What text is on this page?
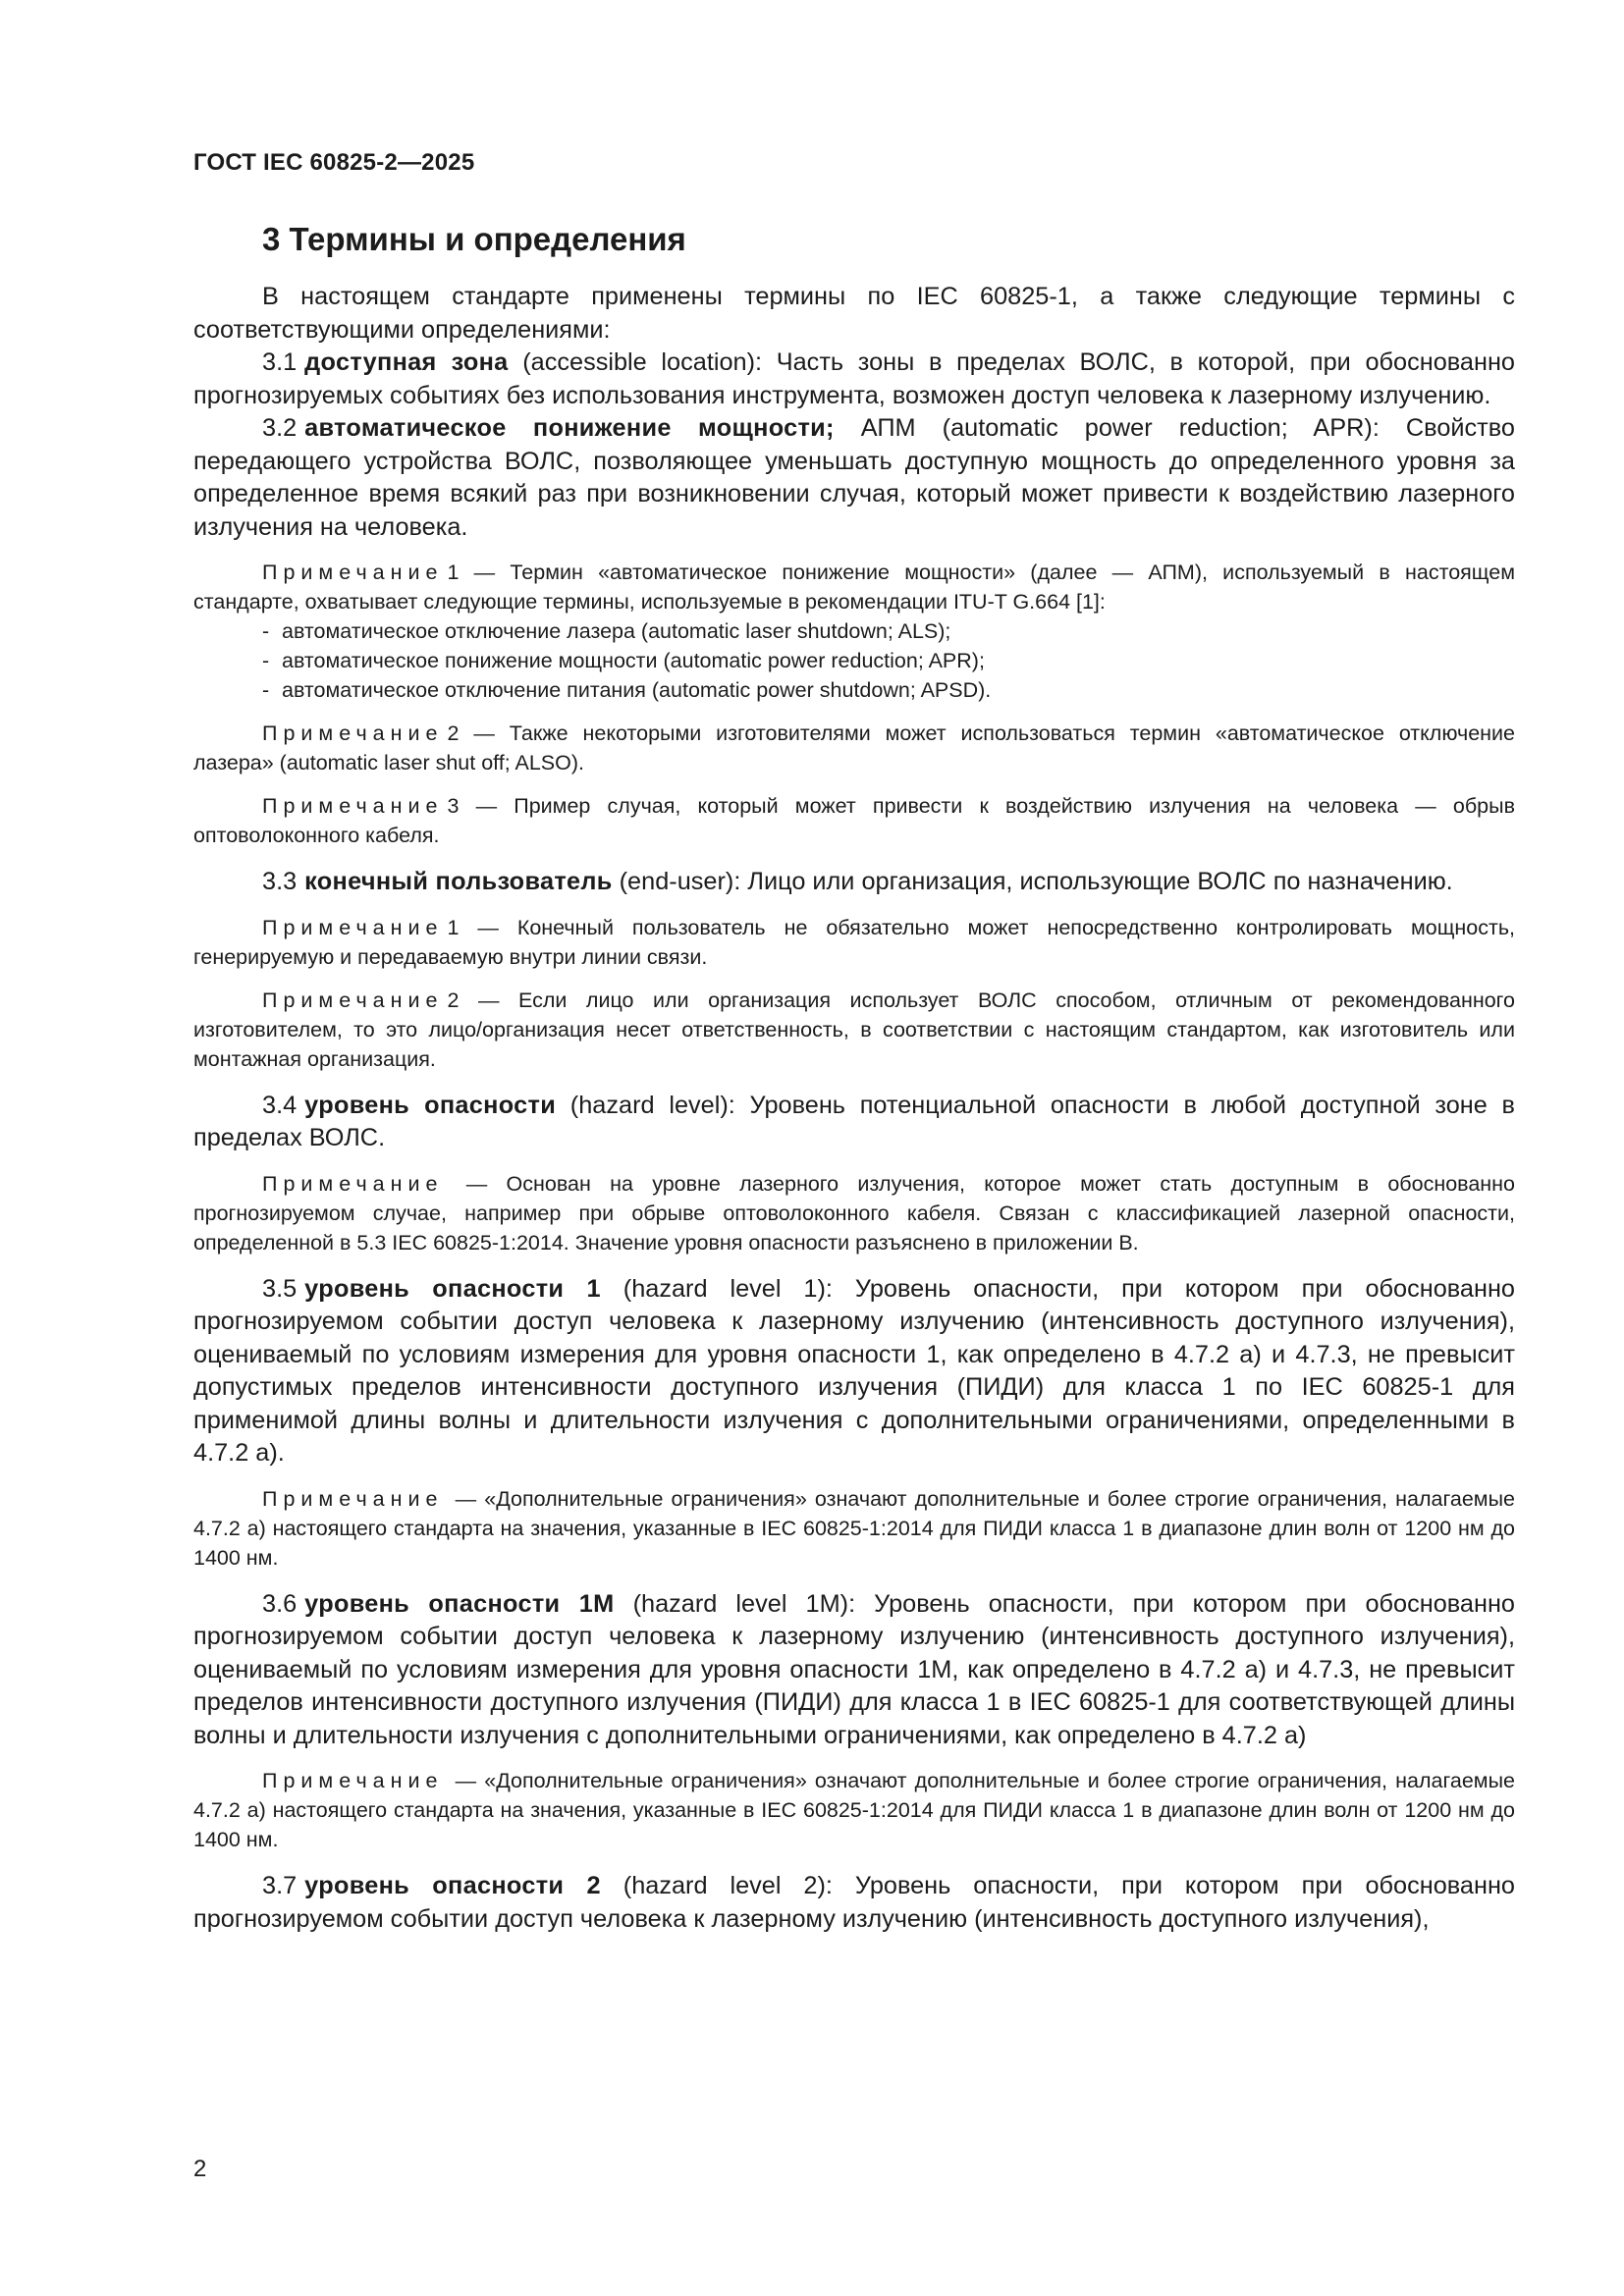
ГОСТ IEC 60825-2—2025
3 Термины и определения

В настоящем стандарте применены термины по IEC 60825-1, а также следующие термины с соответствующими определениями:

3.1 доступная зона (accessible location): Часть зоны в пределах ВОЛС, в которой, при обоснованно прогнозируемых событиях без использования инструмента, возможен доступ человека к лазерному излучению.

3.2 автоматическое понижение мощности; АПМ (automatic power reduction; APR): Свойство передающего устройства ВОЛС, позволяющее уменьшать доступную мощность до определенного уровня за определенное время всякий раз при возникновении случая, который может привести к воздействию лазерного излучения на человека.

Примечание 1 — Термин «автоматическое понижение мощности» (далее — АПМ), используемый в настоящем стандарте, охватывает следующие термины, используемые в рекомендации ITU-T G.664 [1]:

- автоматическое отключение лазера (automatic laser shutdown; ALS);
- автоматическое понижение мощности (automatic power reduction; APR);
- автоматическое отключение питания (automatic power shutdown; APSD).

Примечание 2 — Также некоторыми изготовителями может использоваться термин «автоматическое отключение лазера» (automatic laser shut off; ALSO).

Примечание 3 — Пример случая, который может привести к воздействию излучения на человека — обрыв оптоволоконного кабеля.

3.3 конечный пользователь (end-user): Лицо или организация, использующие ВОЛС по назначению.

Примечание 1 — Конечный пользователь не обязательно может непосредственно контролировать мощность, генерируемую и передаваемую внутри линии связи.

Примечание 2 — Если лицо или организация использует ВОЛС способом, отличным от рекомендованного изготовителем, то это лицо/организация несет ответственность, в соответствии с настоящим стандартом, как изготовитель или монтажная организация.

3.4 уровень опасности (hazard level): Уровень потенциальной опасности в любой доступной зоне в пределах ВОЛС.

Примечание — Основан на уровне лазерного излучения, которое может стать доступным в обоснованно прогнозируемом случае, например при обрыве оптоволоконного кабеля. Связан с классификацией лазерной опасности, определенной в 5.3 IEC 60825-1:2014. Значение уровня опасности разъяснено в приложении В.

3.5 уровень опасности 1 (hazard level 1): Уровень опасности, при котором при обоснованно прогнозируемом событии доступ человека к лазерному излучению (интенсивность доступного излучения), оцениваемый по условиям измерения для уровня опасности 1, как определено в 4.7.2 а) и 4.7.3, не превысит допустимых пределов интенсивности доступного излучения (ПИДИ) для класса 1 по IEC 60825-1 для применимой длины волны и длительности излучения с дополнительными ограничениями, определенными в 4.7.2 а).

Примечание — «Дополнительные ограничения» означают дополнительные и более строгие ограничения, налагаемые 4.7.2 а) настоящего стандарта на значения, указанные в IEC 60825-1:2014 для ПИДИ класса 1 в диапазоне длин волн от 1200 нм до 1400 нм.

3.6 уровень опасности 1М (hazard level 1M): Уровень опасности, при котором при обоснованно прогнозируемом событии доступ человека к лазерному излучению (интенсивность доступного излучения), оцениваемый по условиям измерения для уровня опасности 1М, как определено в 4.7.2 а) и 4.7.3, не превысит пределов интенсивности доступного излучения (ПИДИ) для класса 1 в IEC 60825-1 для соответствующей длины волны и длительности излучения с дополнительными ограничениями, как определено в 4.7.2 а)

Примечание — «Дополнительные ограничения» означают дополнительные и более строгие ограничения, налагаемые 4.7.2 а) настоящего стандарта на значения, указанные в IEC 60825-1:2014 для ПИДИ класса 1 в диапазоне длин волн от 1200 нм до 1400 нм.

3.7 уровень опасности 2 (hazard level 2): Уровень опасности, при котором при обоснованно прогнозируемом событии доступ человека к лазерному излучению (интенсивность доступного излучения),

2
